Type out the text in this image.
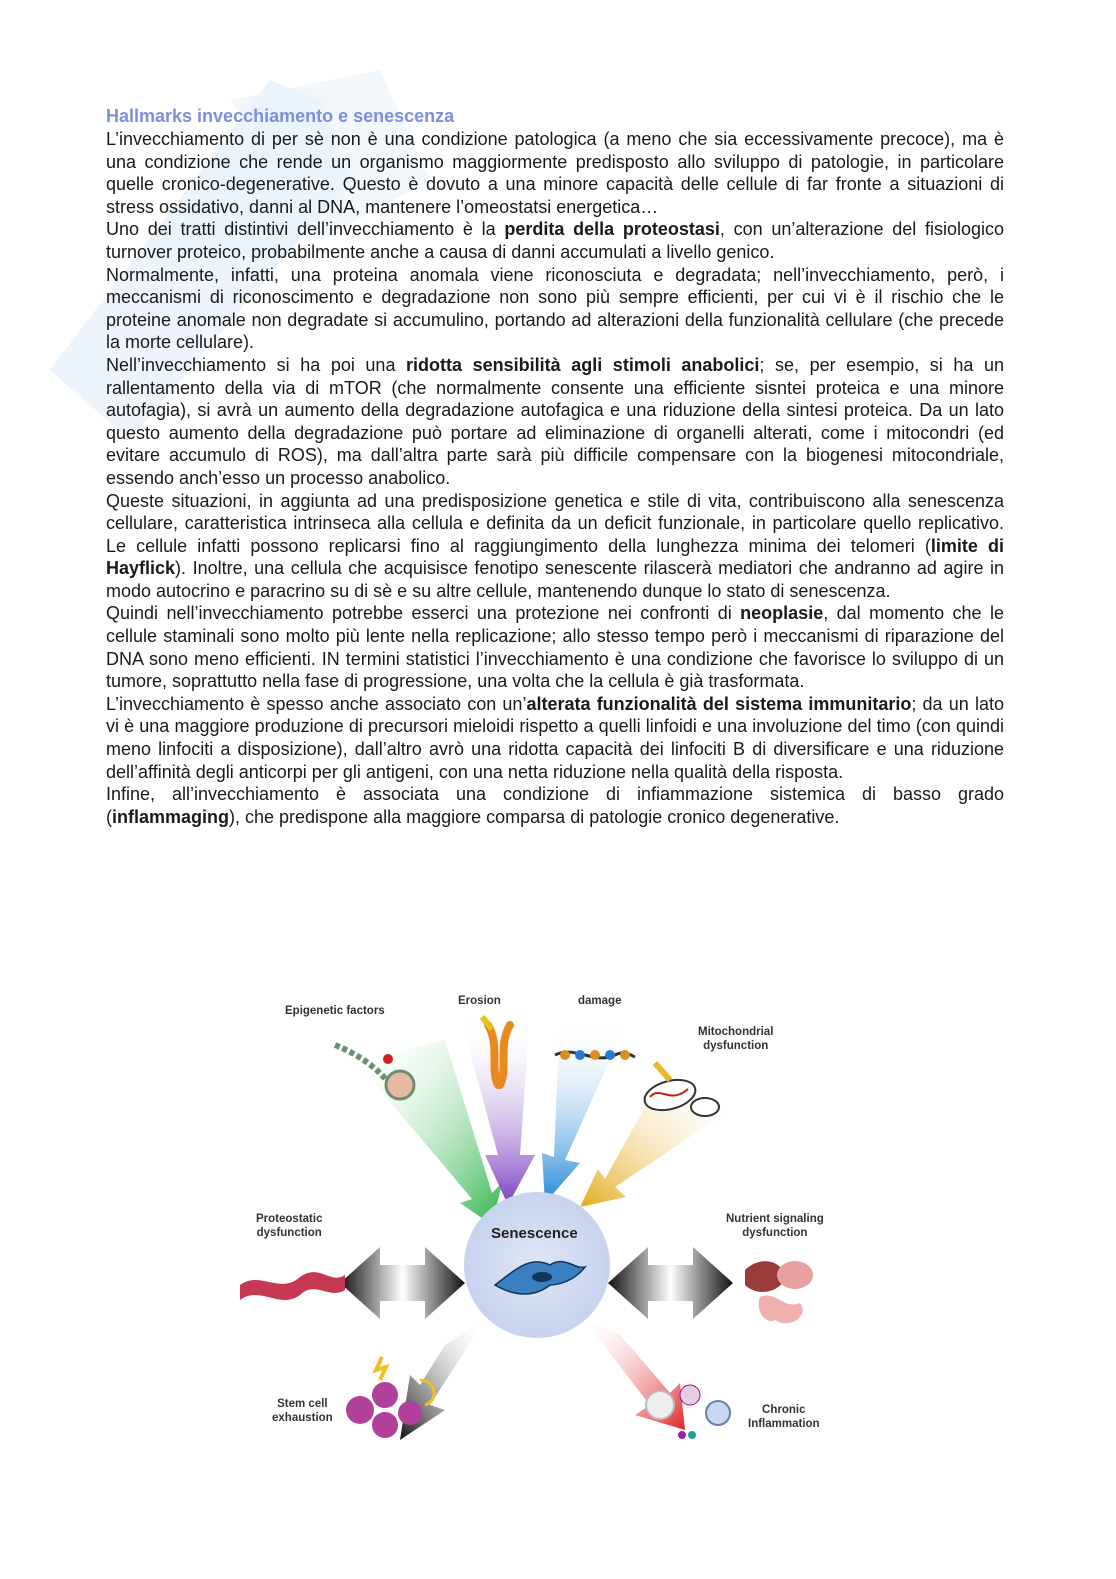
Hallmarks invecchiamento e senescenza

L’invecchiamento di per sè non è una condizione patologica (a meno che sia eccessivamente precoce), ma è una condizione che rende un organismo maggiormente predisposto allo sviluppo di patologie, in particolare quelle cronico-degenerative. Questo è dovuto a una minore capacità delle cellule di far fronte a situazioni di stress ossidativo, danni al DNA, mantenere l’omeostatsi energetica…

Uno dei tratti distintivi dell’invecchiamento è la perdita della proteostasi, con un’alterazione del fisiologico turnover proteico, probabilmente anche a causa di danni accumulati a livello genico.

Normalmente, infatti, una proteina anomala viene riconosciuta e degradata; nell’invecchiamento, però, i meccanismi di riconoscimento e degradazione non sono più sempre efficienti, per cui vi è il rischio che le proteine anomale non degradate si accumulino, portando ad alterazioni della funzionalità cellulare (che precede la morte cellulare).

Nell’invecchiamento si ha poi una ridotta sensibilità agli stimoli anabolici; se, per esempio, si ha un rallentamento della via di mTOR (che normalmente consente una efficiente sisntei proteica e una minore autofagia), si avrà un aumento della degradazione autofagica e una riduzione della sintesi proteica. Da un lato questo aumento della degradazione può portare ad eliminazione di organelli alterati, come i mitocondri (ed evitare accumulo di ROS), ma dall’altra parte sarà più difficile compensare con la biogenesi mitocondriale, essendo anch’esso un processo anabolico.

Queste situazioni, in aggiunta ad una predisposizione genetica e stile di vita, contribuiscono alla senescenza cellulare, caratteristica intrinseca alla cellula e definita da un deficit funzionale, in particolare quello replicativo. Le cellule infatti possono replicarsi fino al raggiungimento della lunghezza minima dei telomeri (limite di Hayflick). Inoltre, una cellula che acquisisce fenotipo senescente rilascerà mediatori che andranno ad agire in modo autocrino e paracrino su di sè e su altre cellule, mantenendo dunque lo stato di senescenza.

Quindi nell’invecchiamento potrebbe esserci una protezione nei confronti di neoplasie, dal momento che le cellule staminali sono molto più lente nella replicazione; allo stesso tempo però i meccanismi di riparazione del DNA sono meno efficienti. IN termini statistici l’invecchiamento è una condizione che favorisce lo sviluppo di un tumore, soprattutto nella fase di progressione, una volta che la cellula è già trasformata.

L’invecchiamento è spesso anche associato con un’alterata funzionalità del sistema immunitario; da un lato vi è una maggiore produzione di precursori mieloidi rispetto a quelli linfoidi e una involuzione del timo (con quindi meno linfociti a disposizione), dall’altro avrò una ridotta capacità dei linfociti B di diversificare e una riduzione dell’affinità degli anticorpi per gli antigeni, con una netta riduzione nella qualità della risposta.

Infine, all’invecchiamento è associata una condizione di infiammazione sistemica di basso grado (inflammaging), che predispone alla maggiore comparsa di patologie cronico degenerative.

Epigenetic factors
Erosion	damage
Mitochondrial
dysfunction
Proteostatic
dysfunction
Nutrient signaling
dysfunction
Senescence
Stem cell
exhaustion
Chronic
Inflammation
